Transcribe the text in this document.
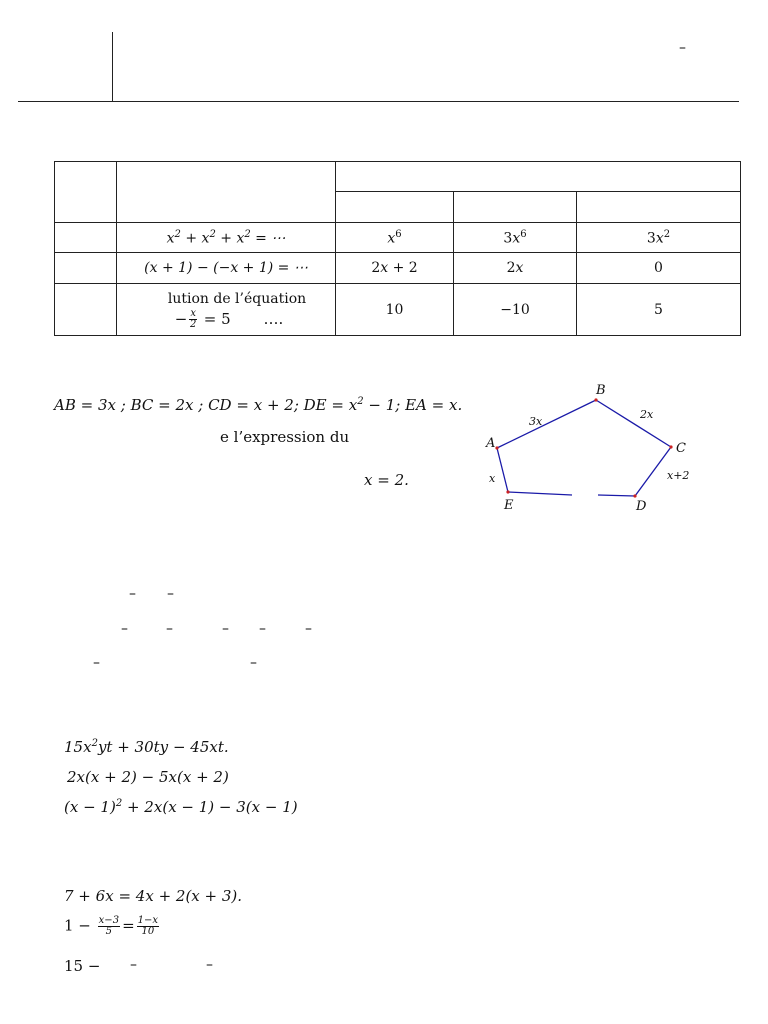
–

	$x^2 + x^2 + x^2$ = ⋯	$x^6$	$3x^6$	$3x^2$
	(x + 1) − (−x + 1) = ⋯	2x + 2	2x	0

	lution de l’équation
− $\frac{x}{2} = 5$ ….	10	−10	5
AB = 3x ; BC = 2x ; CD = x + 2; DE = $x^2 - 1$; EA = x.
e l’expression du
x = 2.
A
B
C
D
E
3x
2x
x+2
x
– –
–	–	– –	–
–	–
$15x^2yt + 30ty - 45xt$.
2x(x + 2) − 5x(x + 2)
$(x - 1)^2 + 2x(x - 1) - 3(x - 1)$
7 + 6x = 4x + 2(x + 3).
$1 - \frac{x-3}{5} = \frac{1-x}{10}$
15 − –	–
